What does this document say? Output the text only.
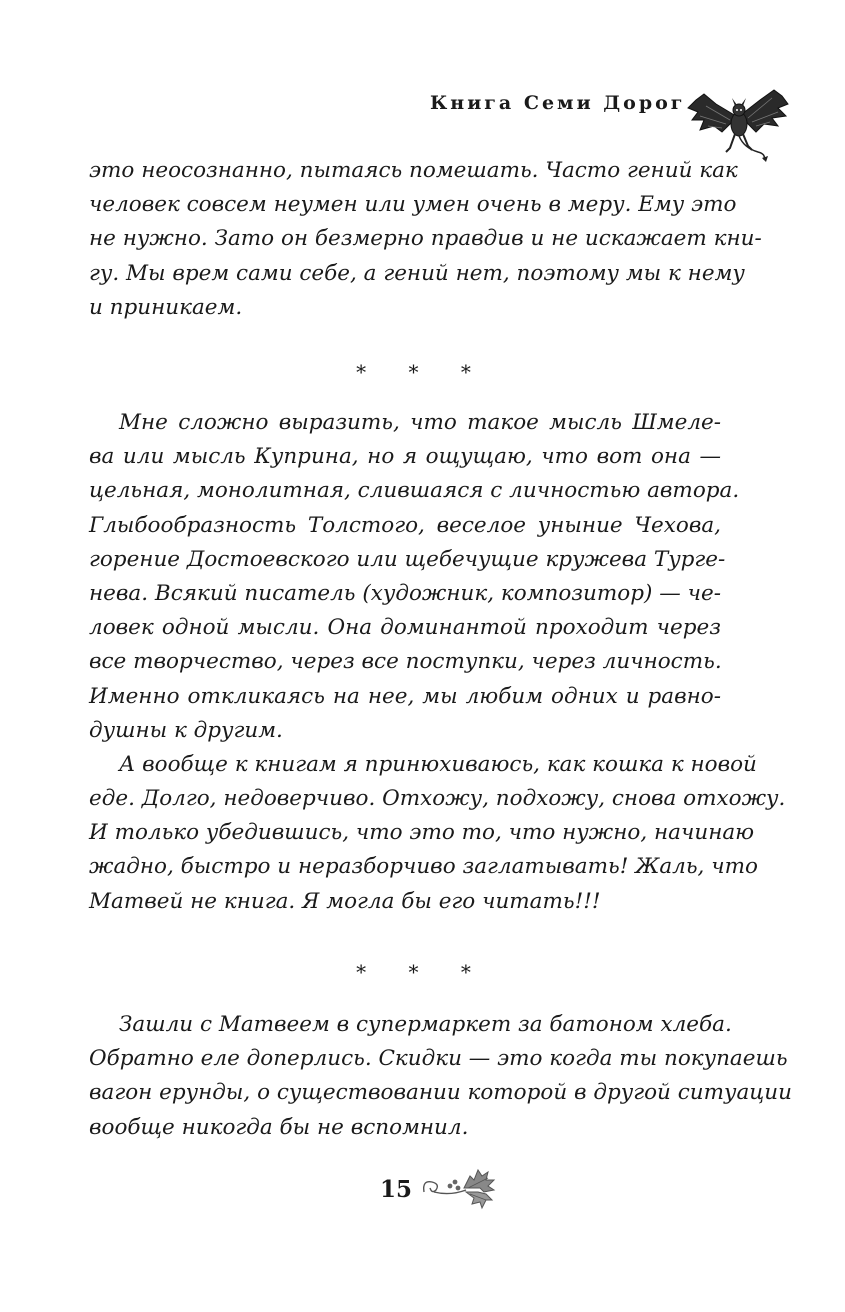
Книга Семи Дорог
это неосознанно, пытаясь помешать. Часто гений как
человек совсем неумен или умен очень в меру. Ему это
не нужно. Зато он безмерно правдив и не искажает кни-
гу. Мы врем сами себе, а гений нет, поэтому мы к нему
и приникаем.
* * *
Мне сложно выразить, что такое мысль Шмеле-
ва или мысль Куприна, но я ощущаю, что вот она —
цельная, монолитная, слившаяся с личностью автора.
Глыбообразность Толстого, веселое уныние Чехова,
горение Достоевского или щебечущие кружева Турге-
нева. Всякий писатель (художник, композитор) — че-
ловек одной мысли. Она доминантой проходит через
все творчество, через все поступки, через личность.
Именно откликаясь на нее, мы любим одних и равно-
душны к другим.
А вообще к книгам я принюхиваюсь, как кошка к новой
еде. Долго, недоверчиво. Отхожу, подхожу, снова отхожу.
И только убедившись, что это то, что нужно, начинаю
жадно, быстро и неразборчиво заглатывать! Жаль, что
Матвей не книга. Я могла бы его читать!!!
* * *
Зашли с Матвеем в супермаркет за батоном хлеба.
Обратно еле доперлись. Скидки — это когда ты покупаешь
вагон ерунды, о существовании которой в другой ситуации
вообще никогда бы не вспомнил.
15
